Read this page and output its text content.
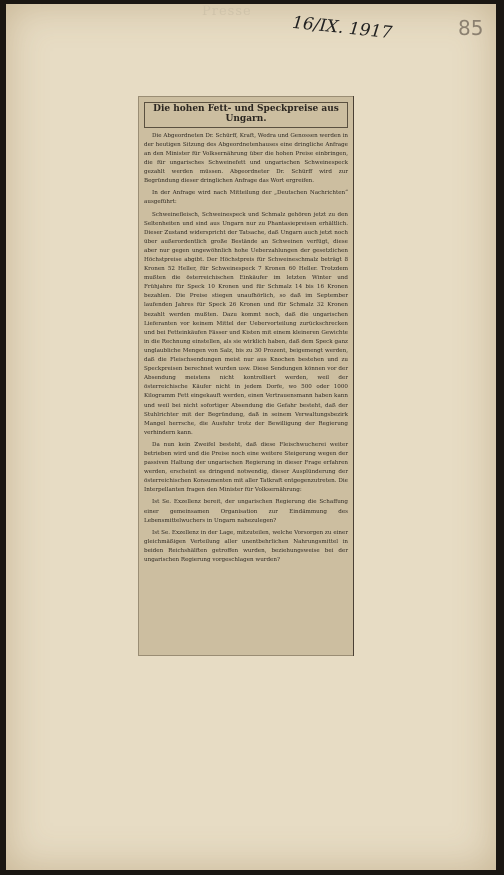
Presse
16/IX. 1917	85
Die hohen Fett- und Speckpreise aus Ungarn.

Die Abgeordneten Dr. Schürff, Kraft, Wedra und Genossen werden in der heutigen Sitzung des Abgeordnetenhauses eine dringliche Anfrage an den Minister für Volksernährung über die hohen Preise einbringen, die für ungarisches Schweinefett und ungarischen Schweinespeck gezahlt werden müssen. Abgeordneter Dr. Schürff wird zur Begründung dieser dringlichen Anfrage das Wort ergreifen.

In der Anfrage wird nach Mitteilung der „Deutschen Nachrichten“ ausgeführt:

Schweinefleisch, Schweinespeck und Schmalz gehören jetzt zu den Seltenheiten und sind aus Ungarn nur zu Phantasiepreisen erhältlich. Dieser Zustand widerspricht der Tatsache, daß Ungarn auch jetzt noch über außerordentlich große Bestände an Schweinen verfügt, diese aber nur gegen ungewöhnlich hohe Ueberzahlungen der gesetzlichen Höchstpreise abgibt. Der Höchstpreis für Schweineschmalz beträgt 8 Kronen 52 Heller, für Schweinespeck 7 Kronen 60 Heller. Trotzdem mußten die österreichischen Einkäufer im letzten Winter und Frühjahre für Speck 10 Kronen und für Schmalz 14 bis 16 Kronen bezahlen. Die Preise stiegen unaufhörlich, so daß im September laufenden Jahres für Speck 26 Kronen und für Schmalz 32 Kronen bezahlt werden mußten. Dazu kommt noch, daß die ungarischen Lieferanten vor keinem Mittel der Uebervorteilung zurückschrecken und bei Fetteinkäufen Fässer und Kisten mit einem kleineren Gewichte in die Rechnung einstellen, als sie wirklich haben, daß dem Speck ganz unglaubliche Mengen von Salz, bis zu 30 Prozent, beigemengt werden, daß die Fleischsendungen meist nur aus Knochen bestehen und zu Speckpreisen berechnet wurden usw. Diese Sendungen können vor der Absendung meistens nicht kontrolliert werden, weil der österreichische Käufer nicht in jedem Dorfe, wo 500 oder 1000 Kilogramm Fett eingekauft werden, einen Vertrauensmann haben kann und weil bei nicht sofortiger Absendung die Gefahr besteht, daß der Stuhlrichter mit der Begründung, daß in seinem Verwaltungsbezirk Mangel herrsche, die Ausfuhr trotz der Bewilligung der Regierung verhindern kann.

Da nun kein Zweifel besteht, daß diese Fleischwucherei weiter betrieben wird und die Preise noch eine weitere Steigerung wegen der passiven Haltung der ungarischen Regierung in dieser Frage erfahren werden, erscheint es dringend notwendig, dieser Ausplünderung der österreichischen Konsumenten mit aller Tatkraft entgegenzutreten. Die Interpellanten fragen den Minister für Volksernährung:

Ist Se. Exzellenz bereit, der ungarischen Regierung die Schaffung einer gemeinsamen Organisation zur Eindämmung des Lebensmittelwuchers in Ungarn nahezulegen?

Ist Se. Exzellenz in der Lage, mitzuteilen, welche Vorsorgen zu einer gleichmäßigen Verteilung aller unentbehrlichen Nahrungsmittel in beiden Reichshälften getroffen wurden, beziehungsweise bei der ungarischen Regierung vorgeschlagen wurden?
